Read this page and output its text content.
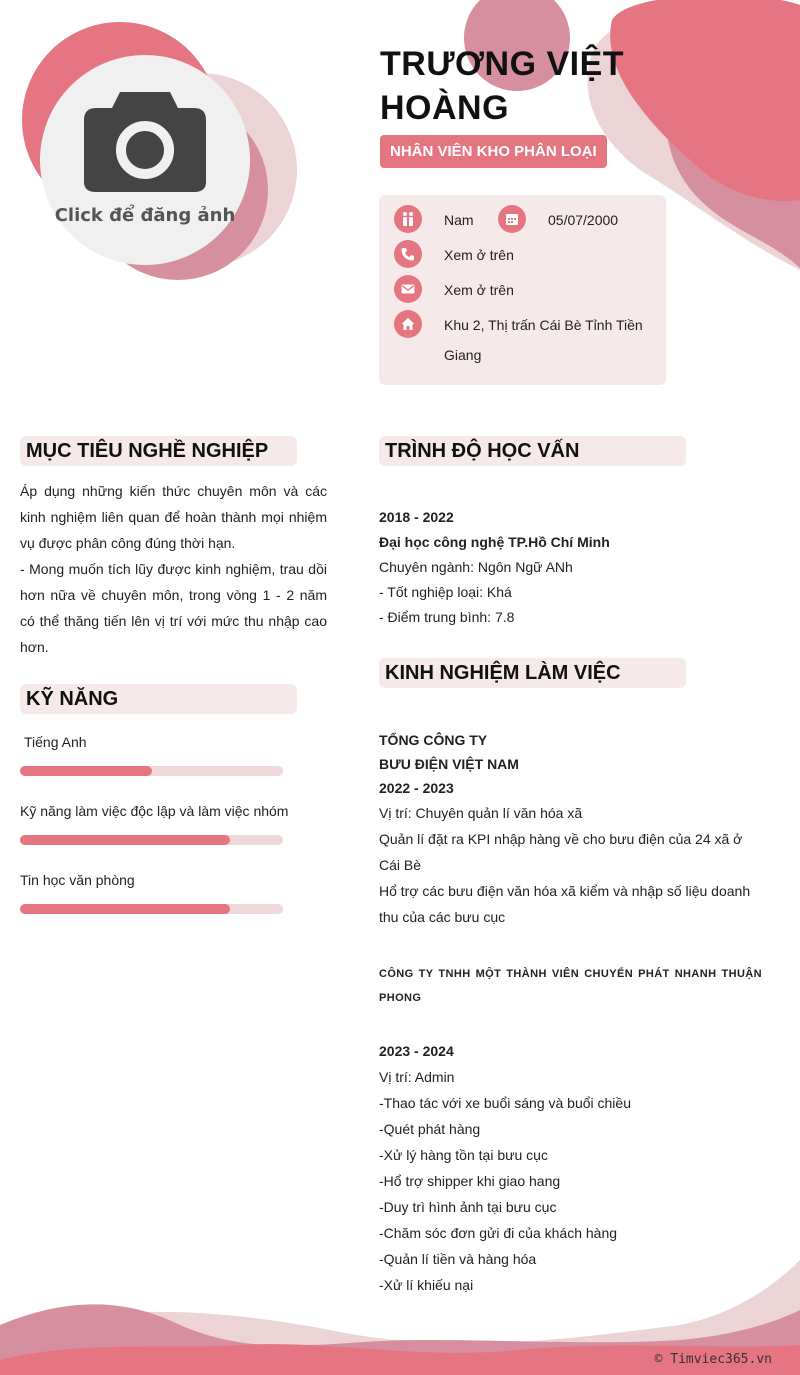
Click để đăng ảnh
TRƯƠNG VIỆT
HOÀNG
NHÂN VIÊN KHO PHÂN LOẠI
Nam	05/07/2000
Xem ở trên
Xem ở trên
Khu 2, Thị trấn Cái Bè Tỉnh Tiền
Giang
MỤC TIÊU NGHỀ NGHIỆP
Áp dụng những kiến thức chuyên môn và các kinh nghiệm liên quan để hoàn thành mọi nhiệm vụ được phân công đúng thời hạn.
- Mong muốn tích lũy được kinh nghiệm, trau dồi hơn nữa về chuyên môn, trong vòng 1 - 2 năm có thể thăng tiến lên vị trí với mức thu nhập cao hơn.
KỸ NĂNG
Tiếng Anh
Kỹ năng làm việc độc lập và làm việc nhóm
Tin học văn phòng
TRÌNH ĐỘ HỌC VẤN
2018 - 2022
Đại học công nghệ TP.Hồ Chí Minh
Chuyên ngành: Ngôn Ngữ ANh
- Tốt nghiệp loại: Khá
- Điểm trung bình: 7.8
KINH NGHIỆM LÀM VIỆC
TỔNG CÔNG TY
BƯU ĐIỆN VIỆT NAM
2022 - 2023
Vị trí: Chuyên quản lí văn hóa xã
Quản lí đặt ra KPI nhập hàng về cho bưu điện của 24 xã ở Cái Bè
Hổ trợ các bưu điện văn hóa xã kiểm và nhập số liệu doanh thu của các bưu cục
CÔNG TY TNHH MỘT THÀNH VIÊN CHUYỂN PHÁT NHANH THUẬN PHONG
2023 - 2024
Vị trí: Admin
-Thao tác với xe buổi sáng và buổi chiều
-Quét phát hàng
-Xử lý hàng tồn tại bưu cục
-Hổ trợ shipper khi giao hang
-Duy trì hình ảnh tại bưu cục
-Chăm sóc đơn gửi đi của khách hàng
-Quản lí tiền và hàng hóa
-Xử lí khiếu nại
© Timviec365.vn
